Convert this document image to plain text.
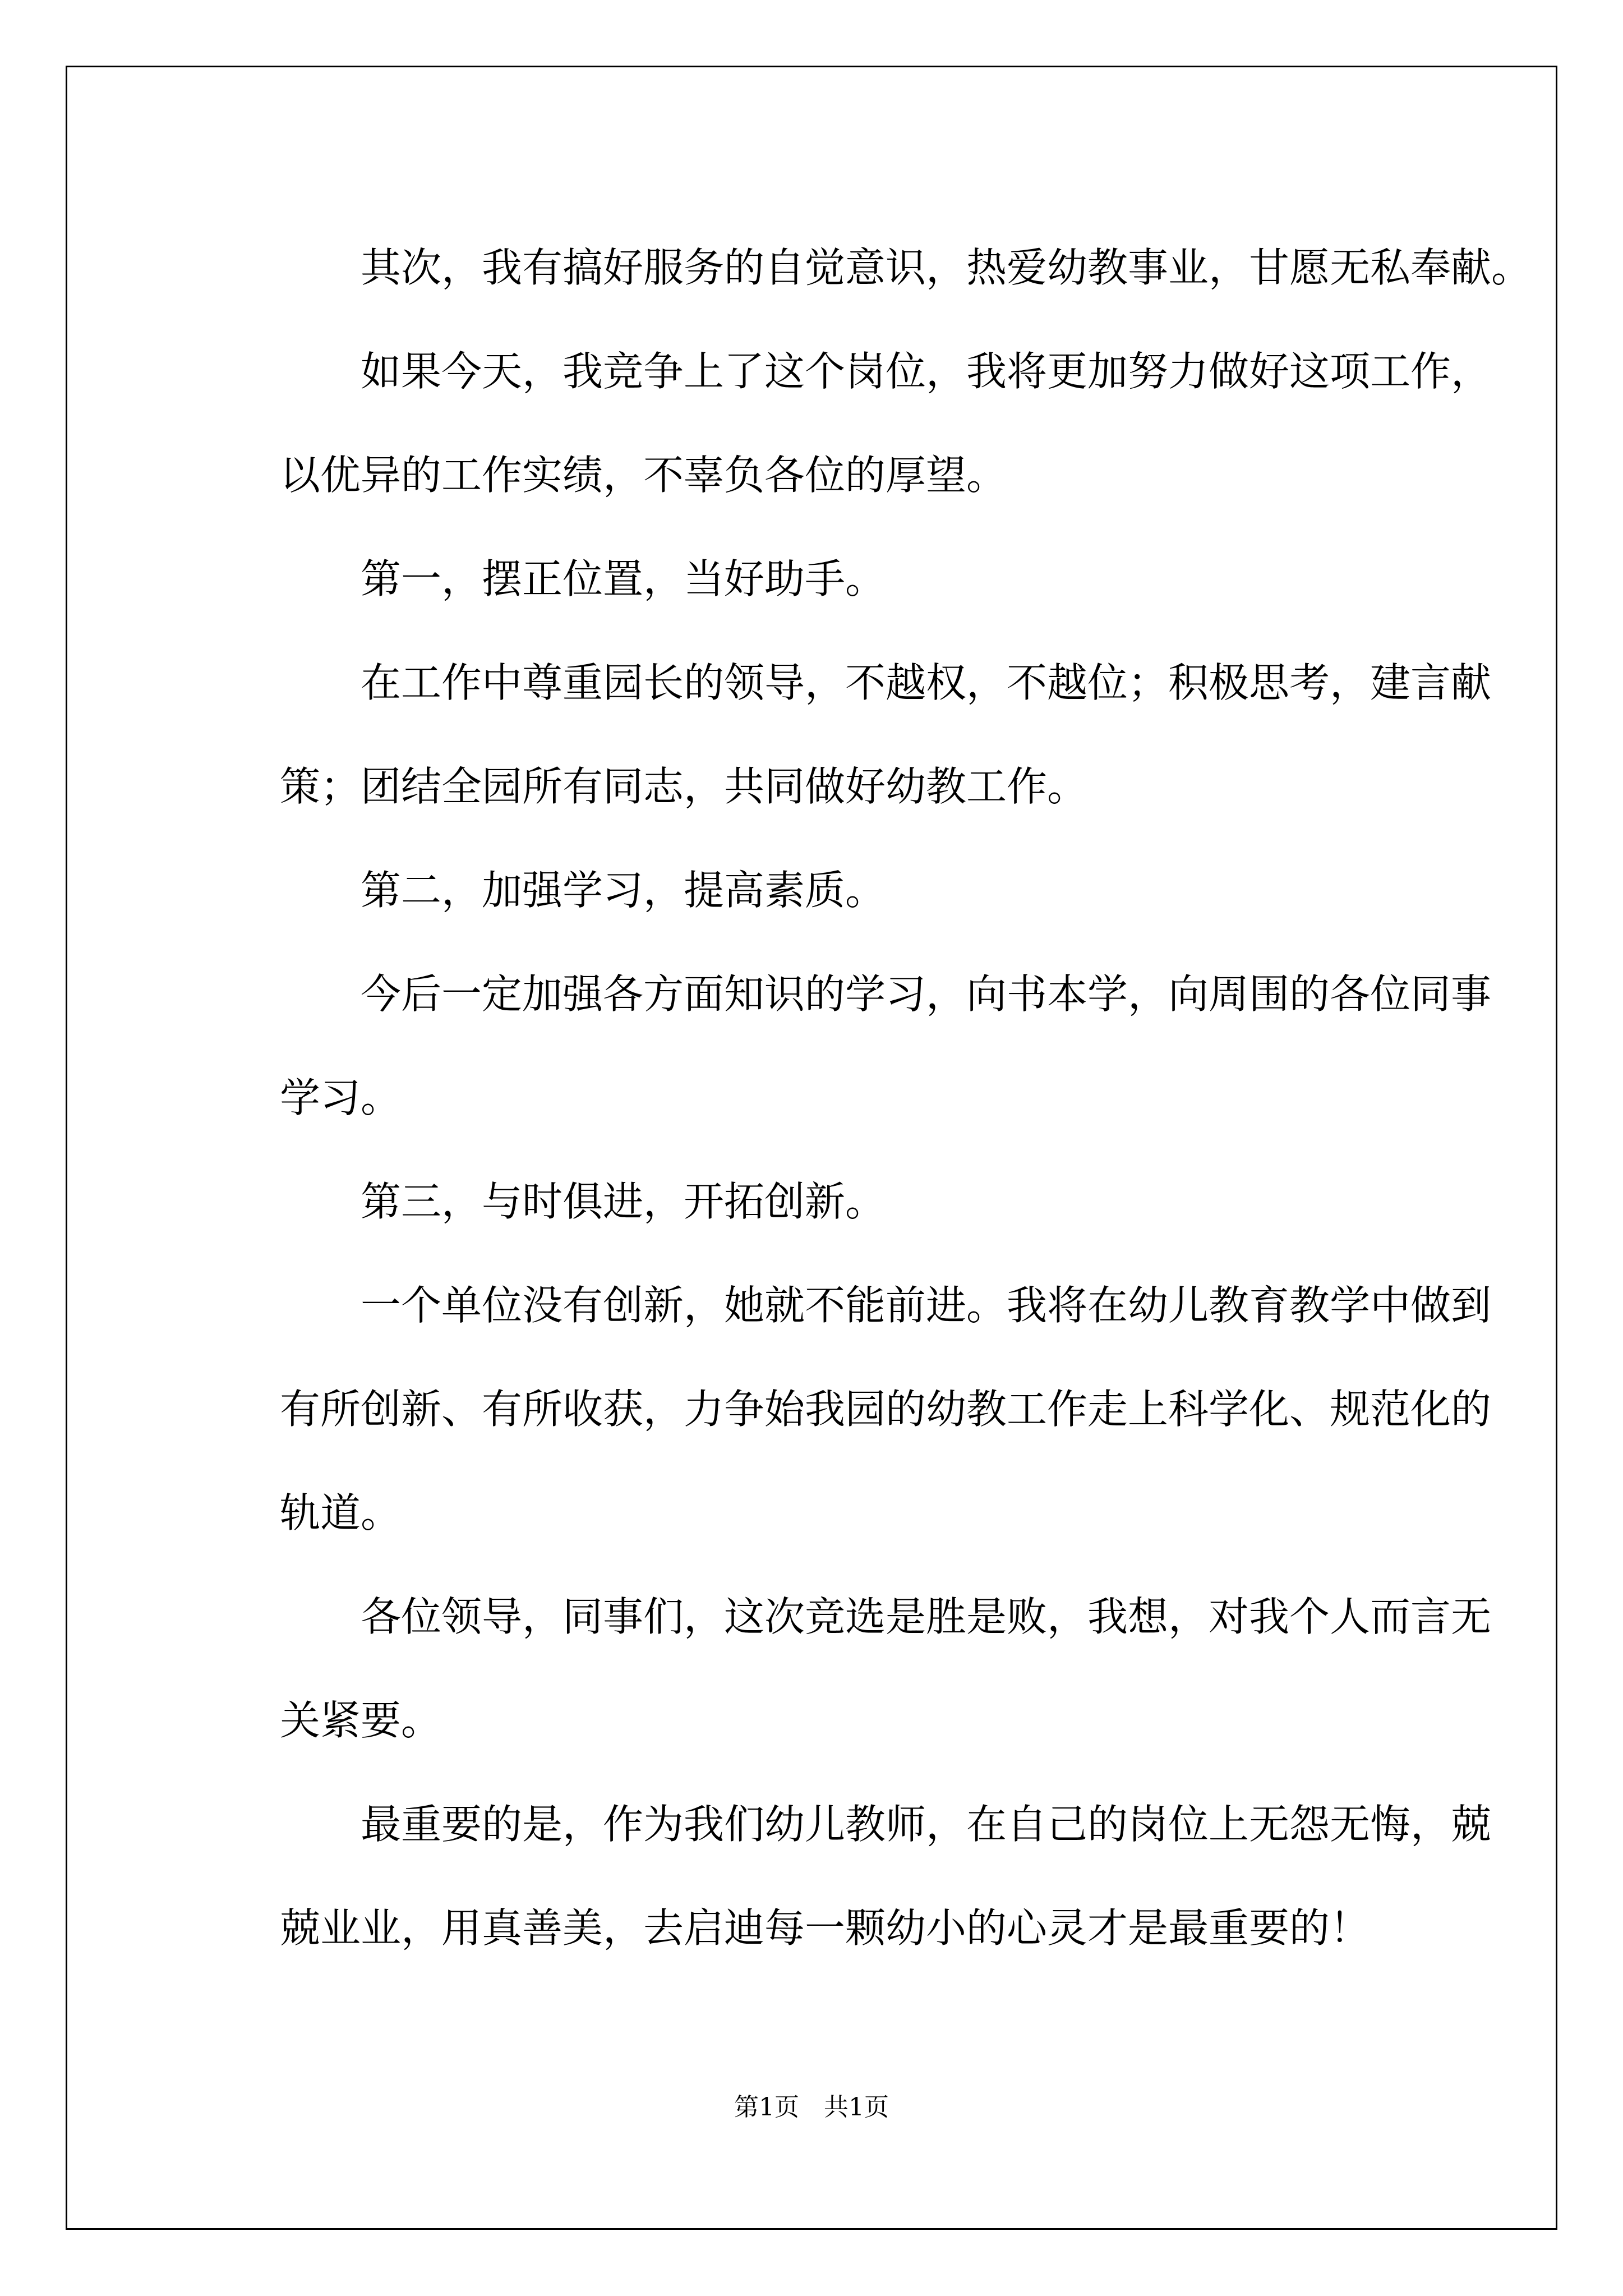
其次，我有搞好服务的自觉意识，热爱幼教事业，甘愿无私奉献。

如果今天，我竞争上了这个岗位，我将更加努力做好这项工作，
以优异的工作实绩，不辜负各位的厚望。

第一，摆正位置，当好助手。

在工作中尊重园长的领导，不越权，不越位；积极思考，建言献
策；团结全园所有同志，共同做好幼教工作。

第二，加强学习，提高素质。

今后一定加强各方面知识的学习，向书本学，向周围的各位同事
学习。

第三，与时俱进，开拓创新。

一个单位没有创新，她就不能前进。我将在幼儿教育教学中做到
有所创新、有所收获，力争始我园的幼教工作走上科学化、规范化的
轨道。

各位领导，同事们，这次竞选是胜是败，我想，对我个人而言无
关紧要。

最重要的是，作为我们幼儿教师，在自己的岗位上无怨无悔，兢
兢业业，用真善美，去启迪每一颗幼小的心灵才是最重要的！

第1页　共1页
